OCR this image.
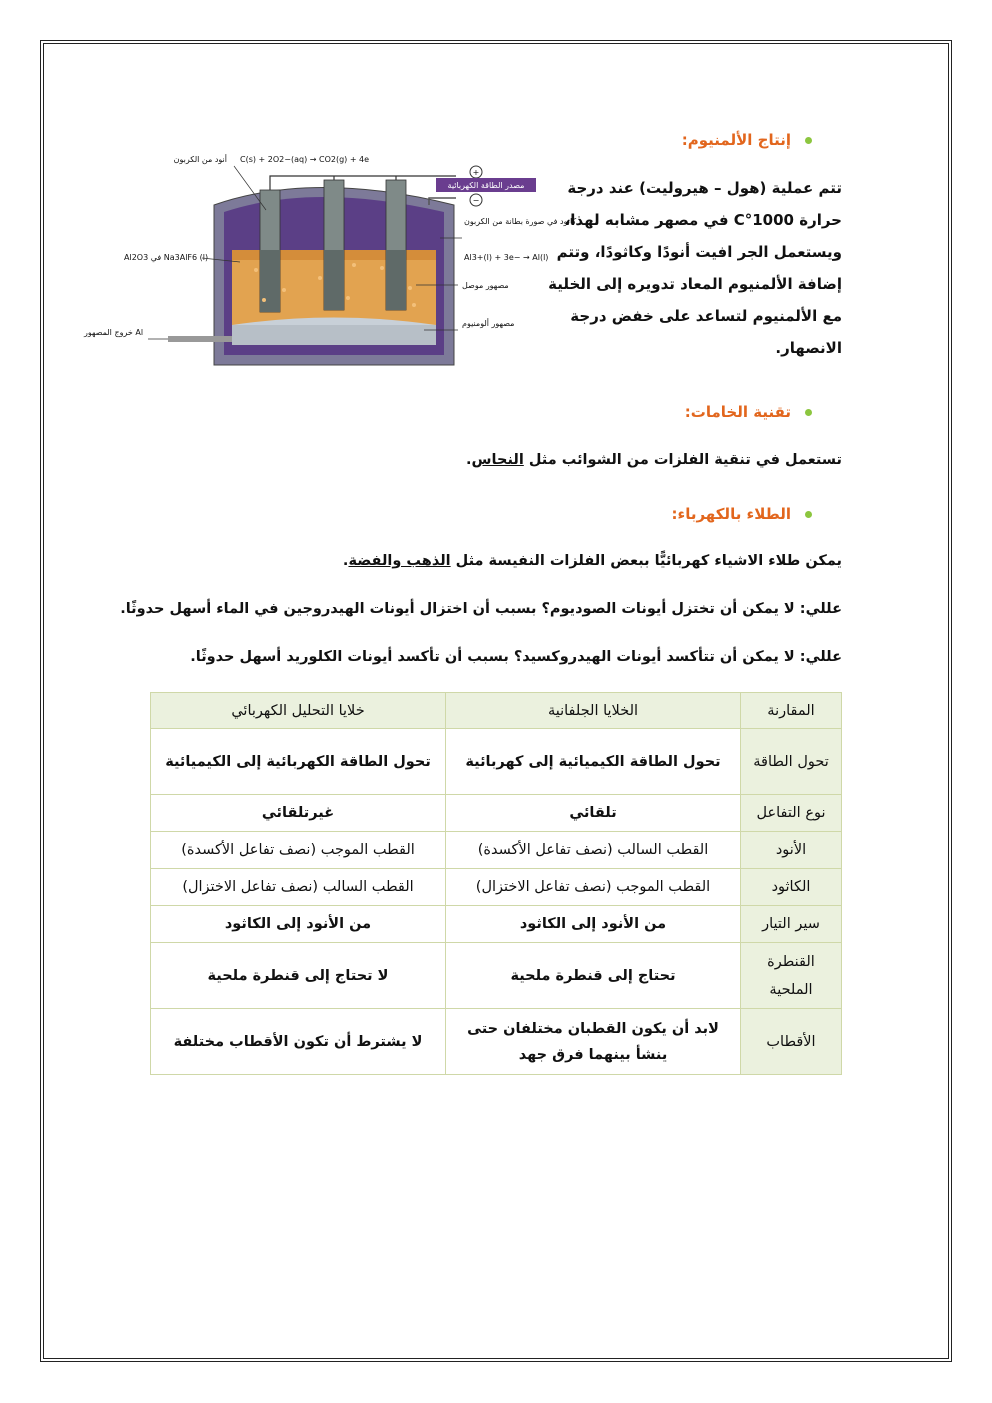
إنتاج الألمنيوم:
تتم عملية (هول – هيروليت) عند درجة
حرارة 1000°C في مصهر مشابه لهذا،
ويستعمل الجر افيت أنودًا وكاثودًا، وتتم
إضافة الألمنيوم المعاد تدويره إلى الخلية
مع الألمنيوم لتساعد على خفض درجة
الانصهار.
+
−
مصدر الطاقة الكهربائية
أنود من الكربون C(s) + 2O2−(aq) → CO2(g) + 4e
كاثود في صورة بطانة من الكربون
Al3+(l) + 3e− → Al(l)
مصهور موصل
مصهور ألومنيوم
Al2O3 في Na3AlF6 (l)
خروج المصهور Al
تقنية الخامات:
تستعمل في تنقية الفلزات من الشوائب مثل النحاس.
الطلاء بالكهرباء:
يمكن طلاء الاشياء كهربائيًّا ببعض الفلزات النفيسة مثل الذهب والفضة.
عللي: لا يمكن أن تختزل أيونات الصوديوم؟ بسبب أن اختزال أيونات الهيدروجين في الماء أسهل حدوثًا.
عللي: لا يمكن أن تتأكسد أيونات الهيدروكسيد؟ بسبب أن تأكسد أيونات الكلوريد أسهل حدوثًا.
المقارنة	الخلايا الجلفانية	خلايا التحليل الكهربائي
تحول الطاقة	تحول الطاقة الكيميائية إلى كهربائية	تحول الطاقة الكهربائية إلى الكيميائية
نوع التفاعل	تلقائي	غيرتلقائي
الأنود	القطب السالب (نصف تفاعل الأكسدة)	القطب الموجب (نصف تفاعل الأكسدة)
الكاثود	القطب الموجب (نصف تفاعل الاختزال)	القطب السالب (نصف تفاعل الاختزال)
سير التيار	من الأنود إلى الكاثود	من الأنود إلى الكاثود
القنطرة الملحية	تحتاج إلى قنطرة ملحية	لا تحتاج إلى قنطرة ملحية
الأقطاب	لابد أن يكون القطبان مختلفان حتى ينشأ بينهما فرق جهد	لا يشترط أن تكون الأقطاب مختلفة
